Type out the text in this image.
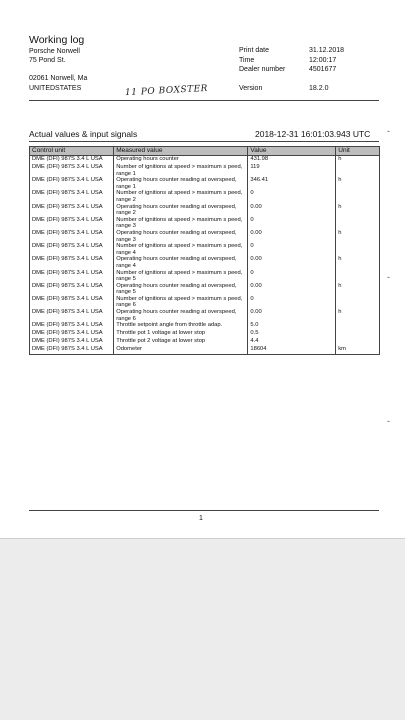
Working log
Porsche Norwell
75 Pond St.
02061 Norwell, Ma
UNITEDSTATES
Print date	31.12.2018
Time	12:00:17
Dealer number	4501677
Version	18.2.0
11 PO BOXSTER
Actual values & input signals	2018-12-31 16:01:03.943 UTC -
-
-
Control unit	Measured value	Value	Unit
DME (DFI) 987S 3.4 L USA	Operating hours counter	431.98	h
DME (DFI) 987S 3.4 L USA	Number of ignitions at speed > maximum s peed, range 1	119	
DME (DFI) 987S 3.4 L USA	Operating hours counter reading at overspeed, range 1	346.41	h
DME (DFI) 987S 3.4 L USA	Number of ignitions at speed > maximum s peed, range 2	0	
DME (DFI) 987S 3.4 L USA	Operating hours counter reading at overspeed, range 2	0.00	h
DME (DFI) 987S 3.4 L USA	Number of ignitions at speed > maximum s peed, range 3	0	
DME (DFI) 987S 3.4 L USA	Operating hours counter reading at overspeed, range 3	0.00	h
DME (DFI) 987S 3.4 L USA	Number of ignitions at speed > maximum s peed, range 4	0	
DME (DFI) 987S 3.4 L USA	Operating hours counter reading at overspeed, range 4	0.00	h
DME (DFI) 987S 3.4 L USA	Number of ignitions at speed > maximum s peed, range 5	0	
DME (DFI) 987S 3.4 L USA	Operating hours counter reading at overspeed, range 5	0.00	h
DME (DFI) 987S 3.4 L USA	Number of ignitions at speed > maximum s peed, range 6	0	
DME (DFI) 987S 3.4 L USA	Operating hours counter reading at overspeed, range 6	0.00	h
DME (DFI) 987S 3.4 L USA	Throttle setpoint angle from throttle adap.	5.0	
DME (DFI) 987S 3.4 L USA	Throttle pot 1 voltage at lower stop	0.5	
DME (DFI) 987S 3.4 L USA	Throttle pot 2 voltage at lower stop	4.4	
DME (DFI) 987S 3.4 L USA	Odometer	18604	km
1
